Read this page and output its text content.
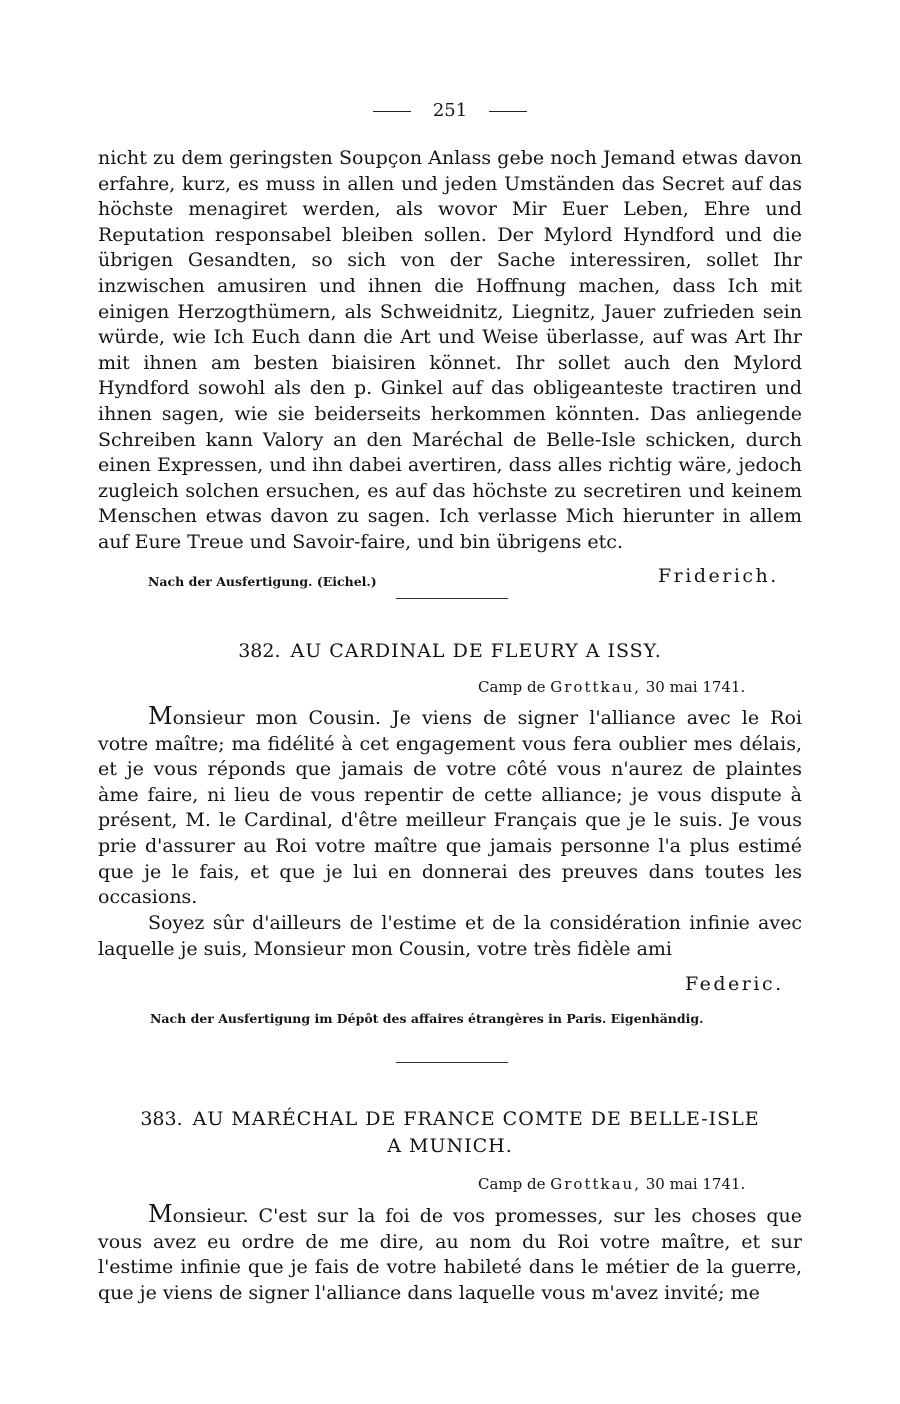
251
nicht zu dem geringsten Soupçon Anlass gebe noch Jemand etwas davon erfahre, kurz, es muss in allen und jeden Umständen das Secret auf das höchste menagiret werden, als wovor Mir Euer Leben, Ehre und Reputation responsabel bleiben sollen. Der Mylord Hyndford und die übrigen Gesandten, so sich von der Sache interessiren, sollet Ihr inzwischen amusiren und ihnen die Hoffnung machen, dass Ich mit einigen Herzogthümern, als Schweidnitz, Liegnitz, Jauer zufrieden sein würde, wie Ich Euch dann die Art und Weise überlasse, auf was Art Ihr mit ihnen am besten biaisiren könnet. Ihr sollet auch den Mylord Hyndford sowohl als den p. Ginkel auf das obligeanteste tractiren und ihnen sagen, wie sie beiderseits herkommen könnten. Das anliegende Schreiben kann Valory an den Maréchal de Belle-Isle schicken, durch einen Expressen, und ihn dabei avertiren, dass alles richtig wäre, jedoch zugleich solchen ersuchen, es auf das höchste zu secretiren und keinem Menschen etwas davon zu sagen. Ich verlasse Mich hierunter in allem auf Eure Treue und Savoir-faire, und bin übrigens etc.
Nach der Ausfertigung. (Eichel.)	Friderich.
382. AU CARDINAL DE FLEURY A ISSY.
Camp de Grottkau, 30 mai 1741.
Monsieur mon Cousin. Je viens de signer l'alliance avec le Roi votre maître; ma fidélité à cet engagement vous fera oublier mes délais, et je vous réponds que jamais de votre côté vous n'aurez de plaintes àme faire, ni lieu de vous repentir de cette alliance; je vous dispute à présent, M. le Cardinal, d'être meilleur Français que je le suis. Je vous prie d'assurer au Roi votre maître que jamais personne l'a plus estimé que je le fais, et que je lui en donnerai des preuves dans toutes les occasions.
Soyez sûr d'ailleurs de l'estime et de la considération infinie avec laquelle je suis, Monsieur mon Cousin, votre très fidèle ami
Federic.
Nach der Ausfertigung im Dépôt des affaires étrangères in Paris. Eigenhändig.
383. AU MARÉCHAL DE FRANCE COMTE DE BELLE-ISLE
A MUNICH.
Camp de Grottkau, 30 mai 1741.
Monsieur. C'est sur la foi de vos promesses, sur les choses que vous avez eu ordre de me dire, au nom du Roi votre maître, et sur l'estime infinie que je fais de votre habileté dans le métier de la guerre, que je viens de signer l'alliance dans laquelle vous m'avez invité; me
